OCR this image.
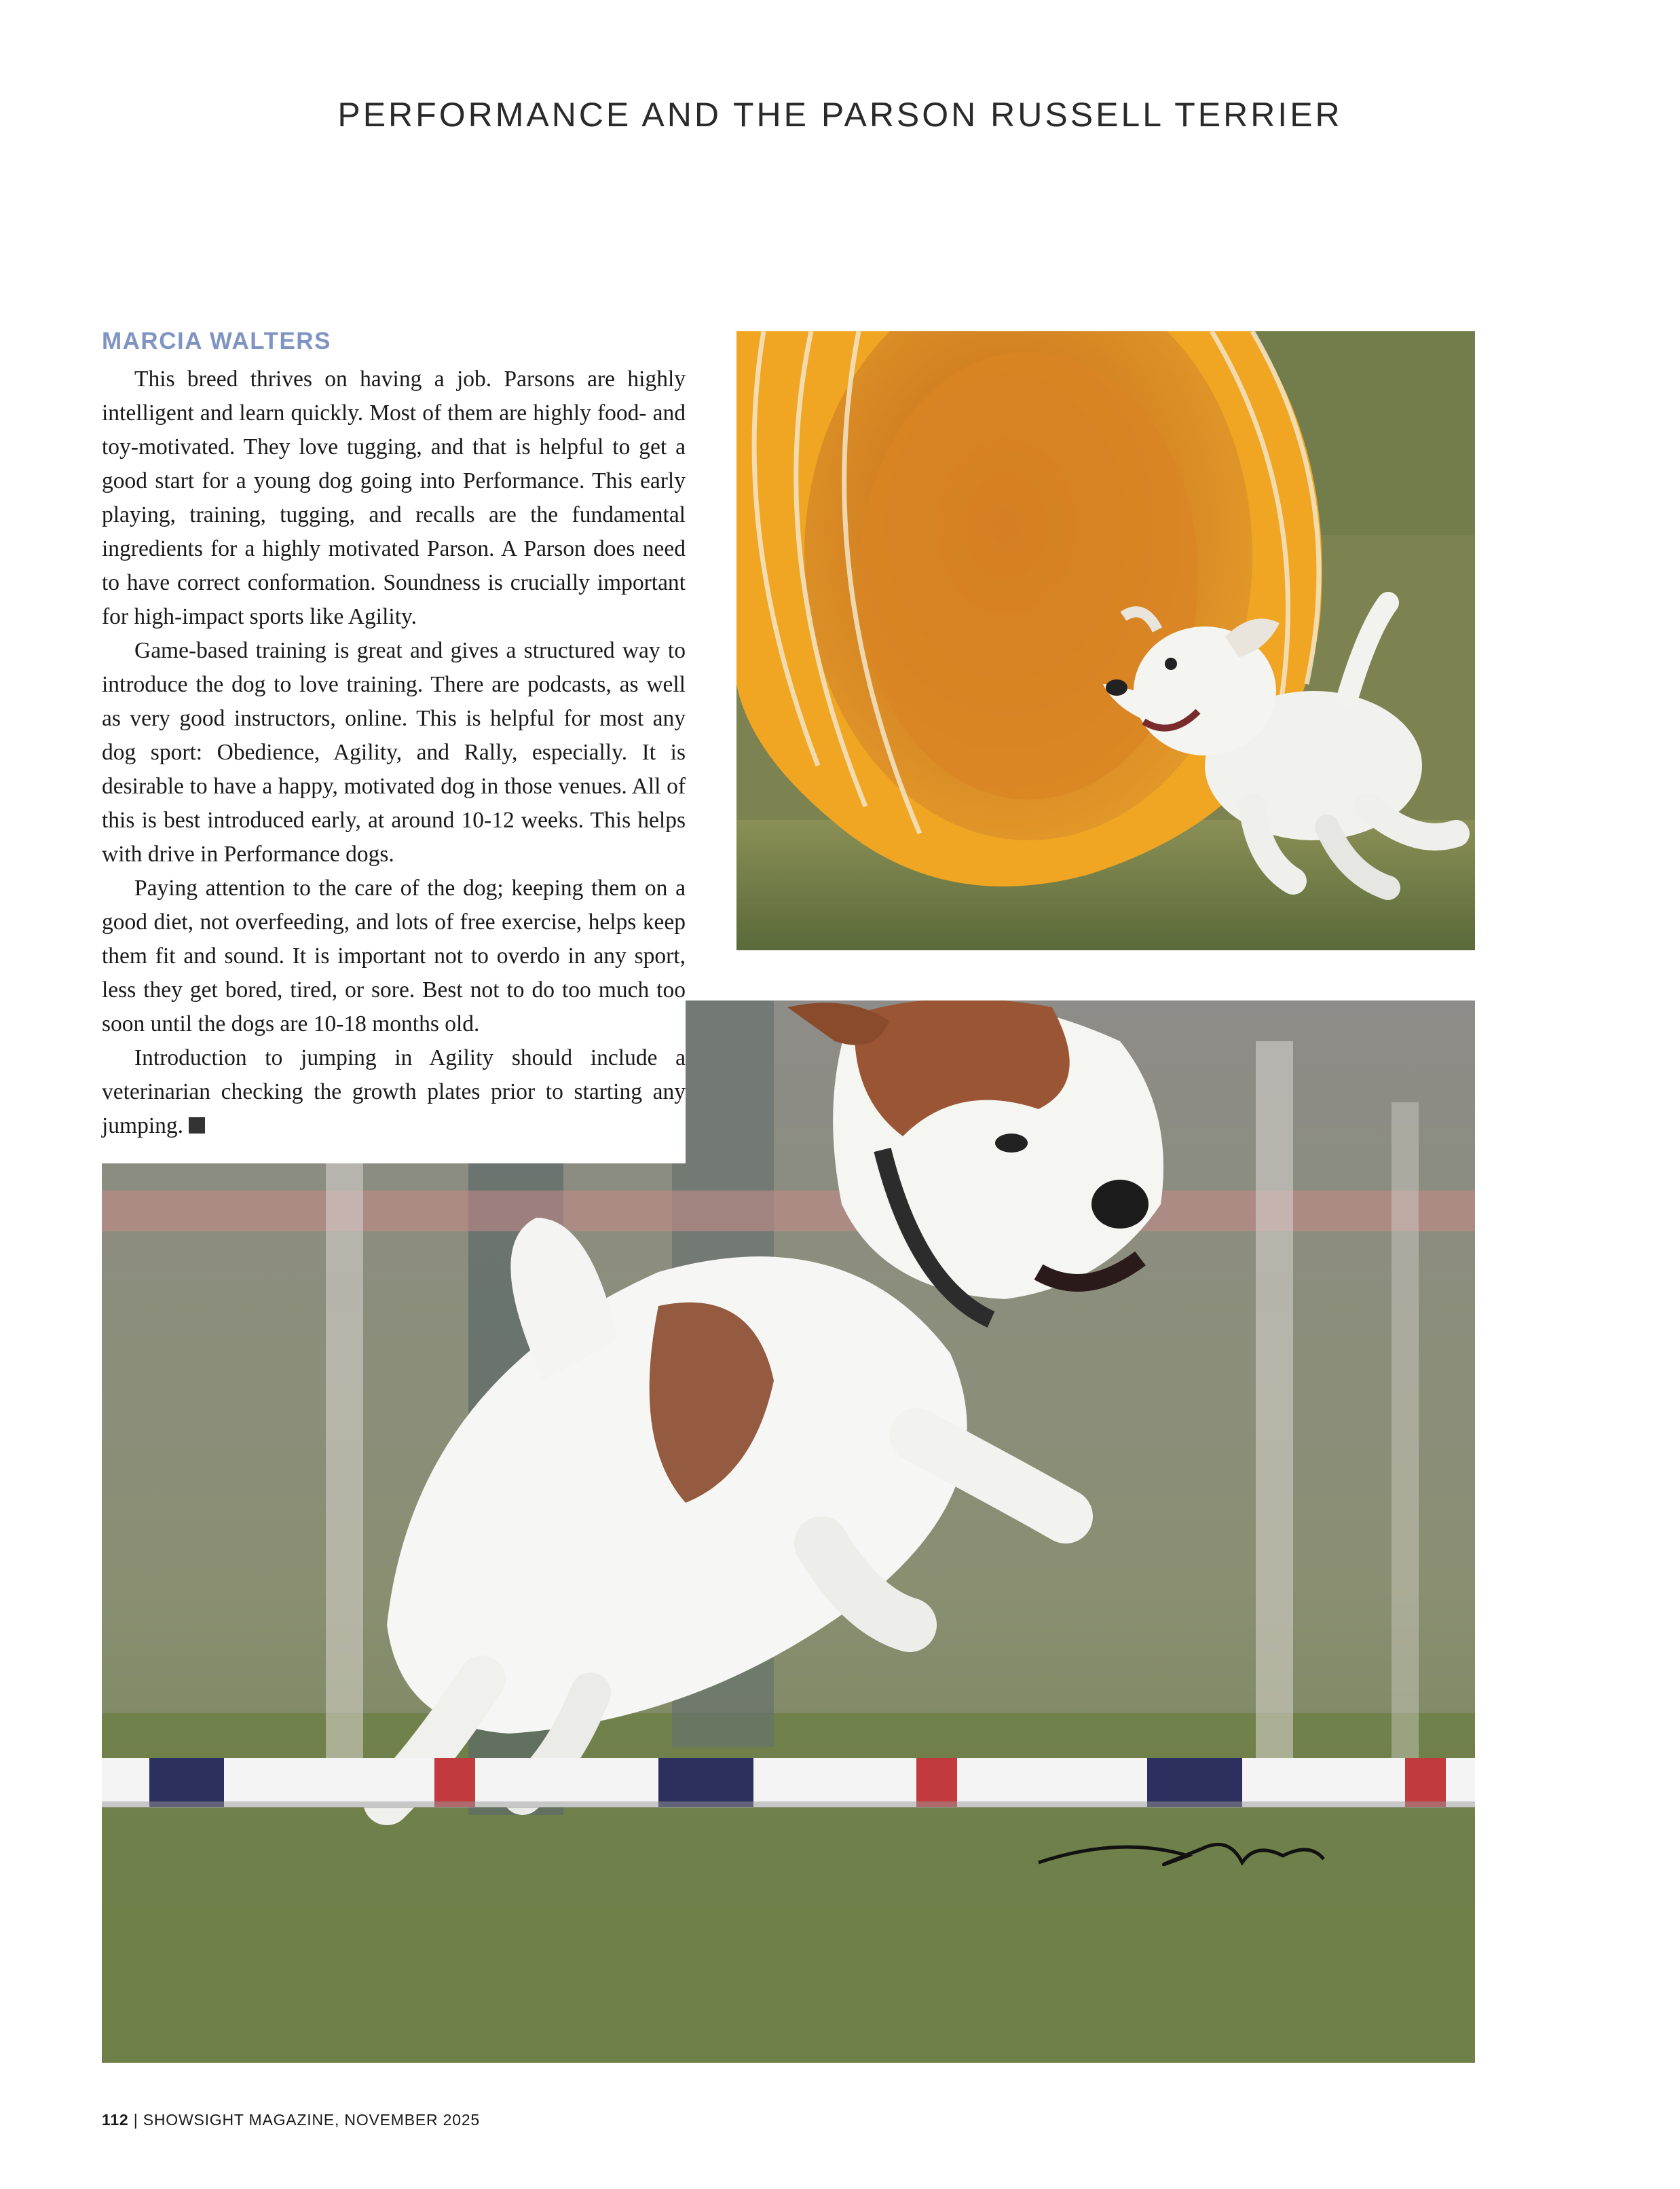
PERFORMANCE AND THE PARSON RUSSELL TERRIER
MARCIA WALTERS

This breed thrives on having a job. Parsons are highly intelligent and learn quickly. Most of them are highly food- and toy-motivated. They love tugging, and that is helpful to get a good start for a young dog going into Performance. This early playing, training, tugging, and recalls are the fundamental ingredients for a highly motivated Parson. A Parson does need to have correct conformation. Soundness is crucially important for high-impact sports like Agility.

Game-based training is great and gives a structured way to introduce the dog to love training. There are podcasts, as well as very good instructors, online. This is helpful for most any dog sport: Obedience, Agility, and Rally, especially. It is desirable to have a happy, motivated dog in those venues. All of this is best introduced early, at around 10-12 weeks. This helps with drive in Performance dogs.

Paying attention to the care of the dog; keeping them on a good diet, not overfeeding, and lots of free exercise, helps keep them fit and sound. It is important not to overdo in any sport, less they get bored, tired, or sore. Best not to do too much too soon until the dogs are 10-18 months old.

Introduction to jumping in Agility should include a veterinarian checking the growth plates prior to starting any jumping.

112 | SHOWSIGHT MAGAZINE, NOVEMBER 2025
